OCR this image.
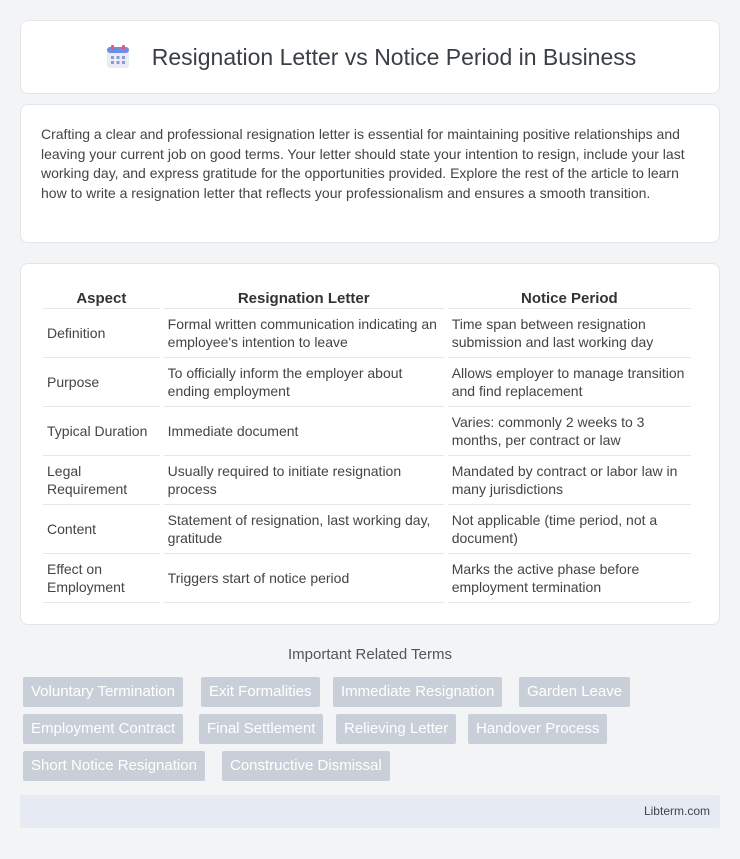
Resignation Letter vs Notice Period in Business

Crafting a clear and professional resignation letter is essential for maintaining positive relationships and leaving your current job on good terms. Your letter should state your intention to resign, include your last working day, and express gratitude for the opportunities provided. Explore the rest of the article to learn how to write a resignation letter that reflects your professionalism and ensures a smooth transition.

Aspect	Resignation Letter	Notice Period
Definition	Formal written communication indicating an employee's intention to leave	Time span between resignation submission and last working day
Purpose	To officially inform the employer about ending employment	Allows employer to manage transition and find replacement
Typical Duration	Immediate document	Varies: commonly 2 weeks to 3 months, per contract or law
Legal Requirement	Usually required to initiate resignation process	Mandated by contract or labor law in many jurisdictions
Content	Statement of resignation, last working day, gratitude	Not applicable (time period, not a document)
Effect on Employment	Triggers start of notice period	Marks the active phase before employment termination
Important Related Terms
Voluntary Termination	Exit Formalities	Immediate Resignation	Garden Leave
Employment Contract	Final Settlement	Relieving Letter	Handover Process
Short Notice Resignation	Constructive Dismissal
Libterm.com
